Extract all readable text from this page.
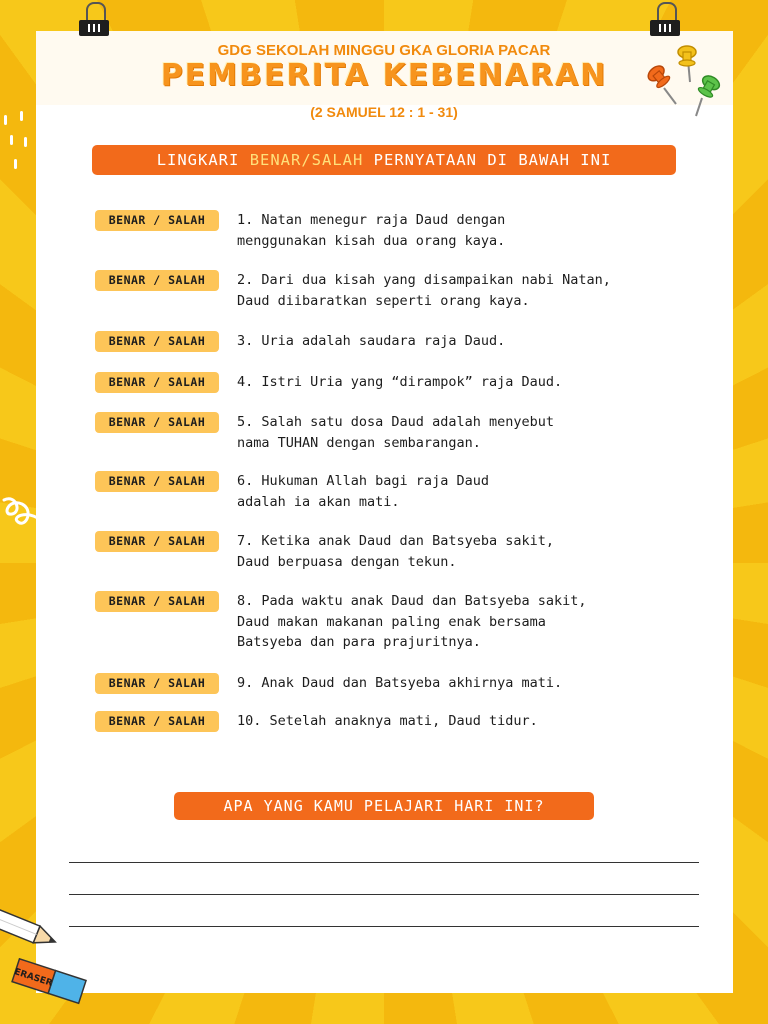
GDG SEKOLAH MINGGU GKA GLORIA PACAR
PEMBERITA KEBENARAN
(2 SAMUEL 12 : 1 - 31)
LINGKARI BENAR/SALAH PERNYATAAN DI BAWAH INI
BENAR / SALAH	1. Natan menegur raja Daud dengan
menggunakan kisah dua orang kaya.
BENAR / SALAH	2. Dari dua kisah yang disampaikan nabi Natan,
Daud diibaratkan seperti orang kaya.
BENAR / SALAH	3. Uria adalah saudara raja Daud.
BENAR / SALAH	4. Istri Uria yang “dirampok” raja Daud.
BENAR / SALAH	5. Salah satu dosa Daud adalah menyebut
nama TUHAN dengan sembarangan.
BENAR / SALAH	6. Hukuman Allah bagi raja Daud
adalah ia akan mati.
BENAR / SALAH	7. Ketika anak Daud dan Batsyeba sakit,
Daud berpuasa dengan tekun.
BENAR / SALAH	8. Pada waktu anak Daud dan Batsyeba sakit,
Daud makan makanan paling enak bersama
Batsyeba dan para prajuritnya.
BENAR / SALAH	9. Anak Daud dan Batsyeba akhirnya mati.
BENAR / SALAH	10. Setelah anaknya mati, Daud tidur.
APA YANG KAMU PELAJARI HARI INI?
ERASER
